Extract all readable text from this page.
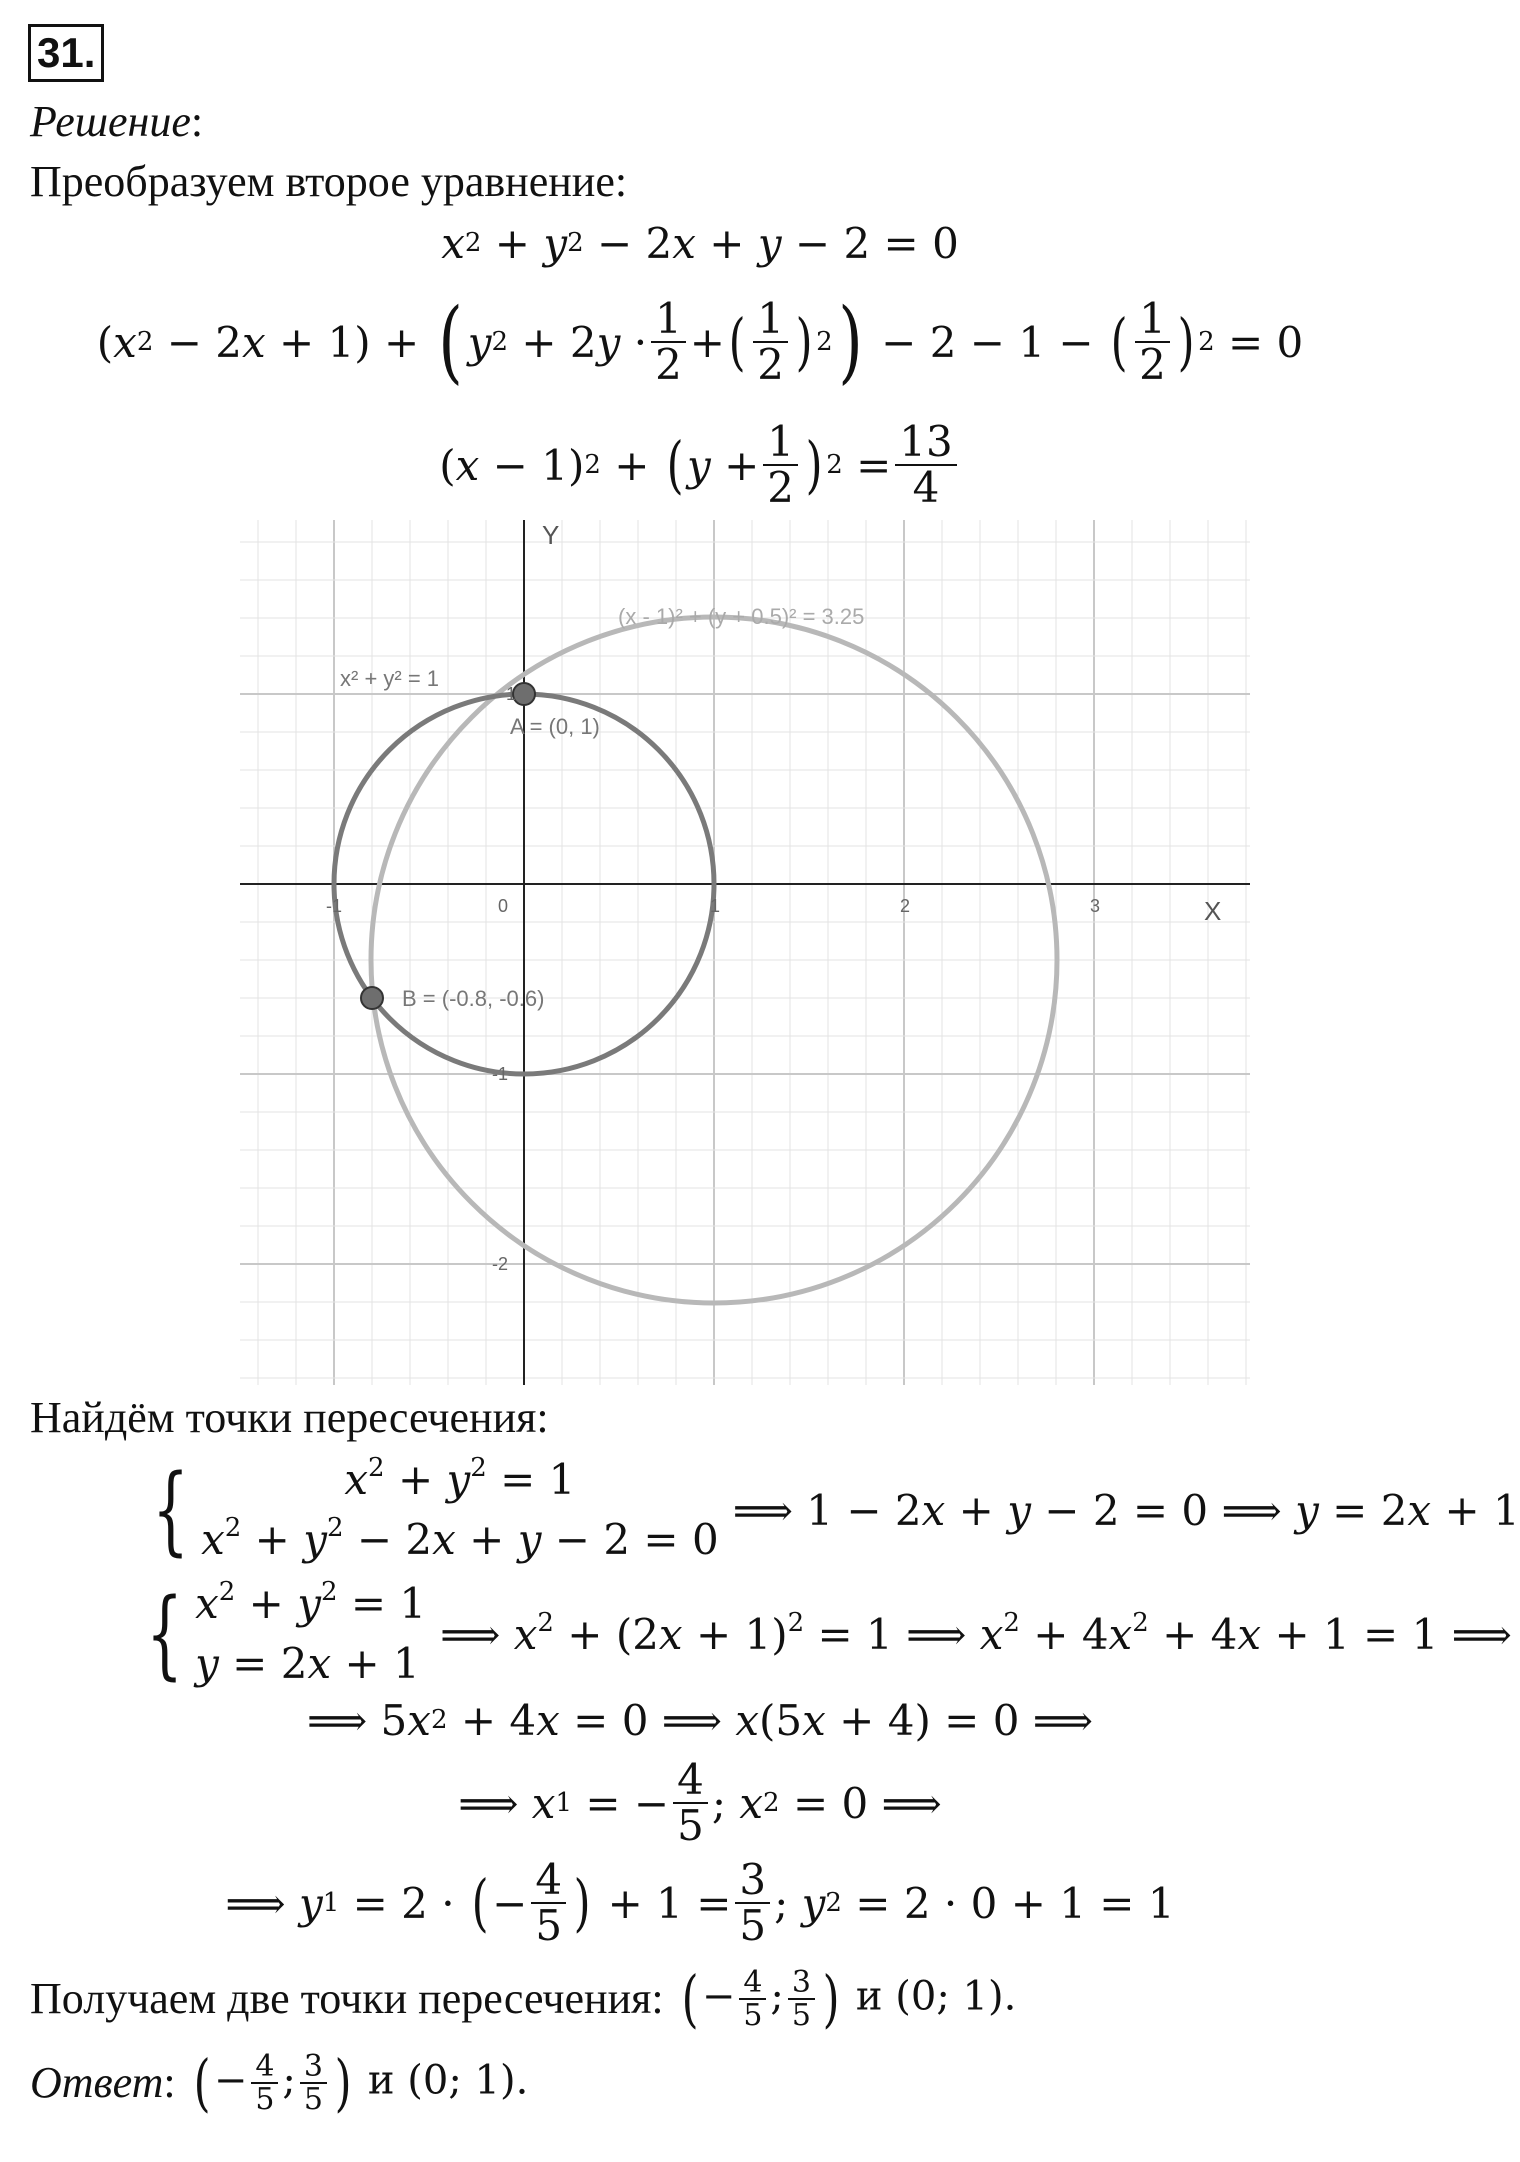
31.
Решение:
Преобразуем второе уравнение:
x 2 + y 2 − 2 x + y − 2 = 0
( x 2 − 2 x + 1) + ( y 2 + 2 $y \cdot \frac{1}{2}$ + ( $\frac{1}{2}$ ) 2 ) − 2 − 1 − ( $\frac{1}{2}$ ) 2 = 0
( x − 1) 2 + ( $y + \frac{1}{2}$ ) $2 = \frac{13}{4}$
Y
X
(x - 1)² + (y + 0.5)² = 3.25
x² + y² = 1
A = (0, 1)
B = (-0.8, -0.6)
-1	0	1	2	3
1
-1
-2
Найдём точки пересечения:
{	$x^2 + y^2 = 1$
$x^2 + y^2 - 2x + y - 2 = 0$
⟹ 1 − 2x + y − 2 = 0 ⟹ y = 2x + 1
{ $x^2 + y^2 = 1$
y = 2x + 1
⟹ $x^2 + (2x + 1)^2 = 1$ ⟹ $x^2 + 4x^2 + 4x + 1 = 1$ ⟹
⟹ 5 x 2 + 4 x = 0 ⟹ x (5 x + 4) = 0 ⟹
⟹ x 1 = − $\frac{4}{5}$ ; x 2 = 0 ⟹
⟹ y 1 = 2 · ( − $\frac{4}{5}$ ) + $1 = \frac{3}{5}$ ; y 2 = 2 · 0 + 1 = 1
Получаем две точки пересечения: (− $\frac{4}{5}$ ; $\frac{3}{5}$ ) и (0; 1).
Ответ: (− $\frac{4}{5}$ ; $\frac{3}{5}$ ) и (0; 1).
